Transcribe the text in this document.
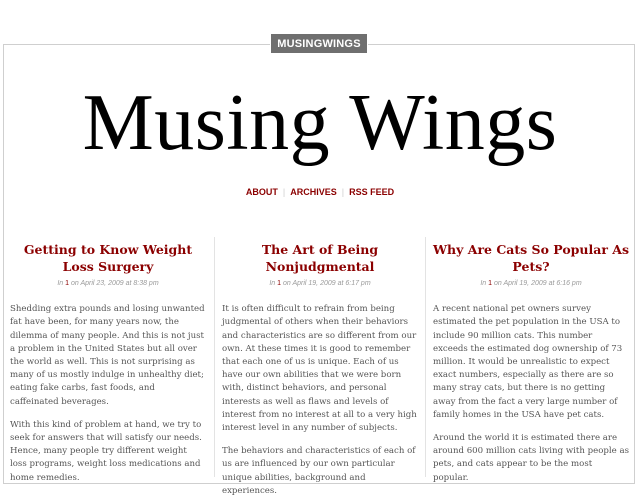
MUSINGWINGS
Musing Wings
ABOUT | ARCHIVES | RSS FEED
Getting to Know Weight Loss Surgery
In 1 on April 23, 2009 at 8:38 pm

Shedding extra pounds and losing unwanted fat have been, for many years now, the dilemma of many people. And this is not just a problem in the United States but all over the world as well. This is not surprising as many of us mostly indulge in unhealthy diet; eating fake carbs, fast foods, and caffeinated beverages.

With this kind of problem at hand, we try to seek for answers that will satisfy our needs. Hence, many people try different weight loss programs, weight loss medications and home remedies.

The Art of Being Nonjudgmental
In 1 on April 19, 2009 at 6:17 pm

It is often difficult to refrain from being judgmental of others when their behaviors and characteristics are so different from our own. At these times it is good to remember that each one of us is unique. Each of us have our own abilities that we were born with, distinct behaviors, and personal interests as well as flaws and levels of interest from no interest at all to a very high interest level in any number of subjects.

The behaviors and characteristics of each of us are influenced by our own particular unique abilities, background and experiences.

Why Are Cats So Popular As Pets?
In 1 on April 19, 2009 at 6:16 pm

A recent national pet owners survey estimated the pet population in the USA to include 90 million cats. This number exceeds the estimated dog ownership of 73 million. It would be unrealistic to expect exact numbers, especially as there are so many stray cats, but there is no getting away from the fact a very large number of family homes in the USA have pet cats.

Around the world it is estimated there are around 600 million cats living with people as pets, and cats appear to be the most popular.
